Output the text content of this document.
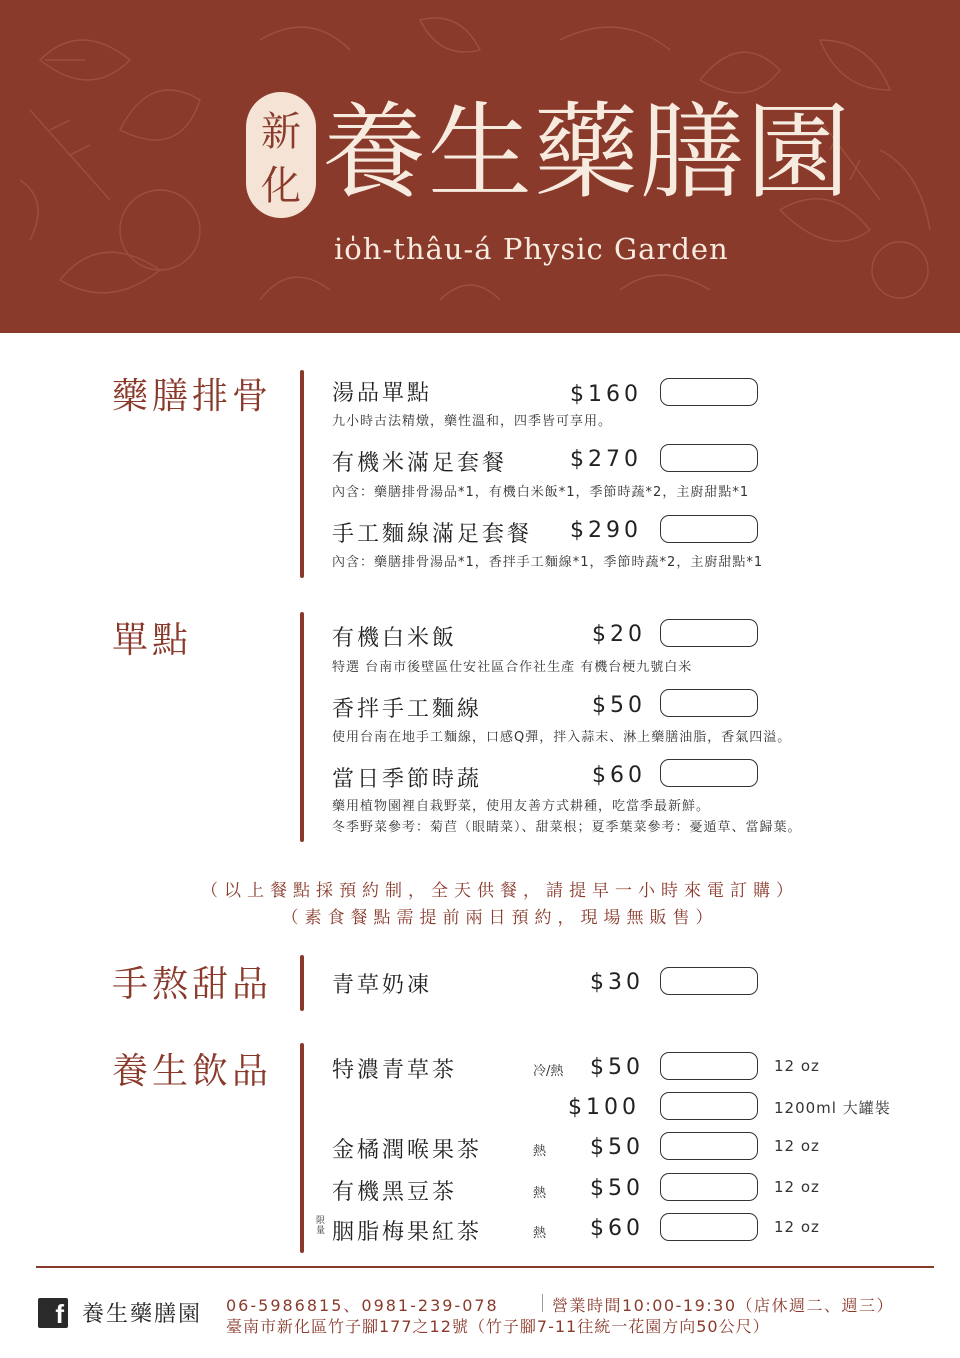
新
化 養生藥膳園
io̍h-thâu-á Physic Garden
藥膳排骨	湯品單點	$160
九小時古法精燉，藥性溫和，四季皆可享用。
有機米滿足套餐	$270
內含：藥膳排骨湯品*1，有機白米飯*1，季節時蔬*2，主廚甜點*1
手工麵線滿足套餐 $290
內含：藥膳排骨湯品*1，香拌手工麵線*1，季節時蔬*2，主廚甜點*1
單點	有機白米飯	$20
特選 台南市後壁區仕安社區合作社生產 有機台梗九號白米
香拌手工麵線	$50
使用台南在地手工麵線，口感Q彈，拌入蒜末、淋上藥膳油脂，香氣四溢。
當日季節時蔬	$60
藥用植物園裡自栽野菜，使用友善方式耕種，吃當季最新鮮。
冬季野菜參考：菊苣（眼睛菜）、甜菜根；夏季葉菜參考：憂遁草、當歸葉。
（以上餐點採預約制，全天供餐，請提早一小時來電訂購）
（素食餐點需提前兩日預約，現場無販售）
手熬甜品	青草奶凍	$30
養生飲品	特濃青草茶	冷/熱 $50	12 oz
$100	1200ml 大罐裝
金橘潤喉果茶	熱 $50	12 oz
有機黑豆茶	熱 $50	12 oz
限量 胭脂梅果紅茶	熱 $60	12 oz
f 養生藥膳園 06-5986815、0981-239-078	營業時間10:00-19:30（店休週二、週三）
臺南市新化區竹子腳177之12號（竹子腳7-11往統一花園方向50公尺）
